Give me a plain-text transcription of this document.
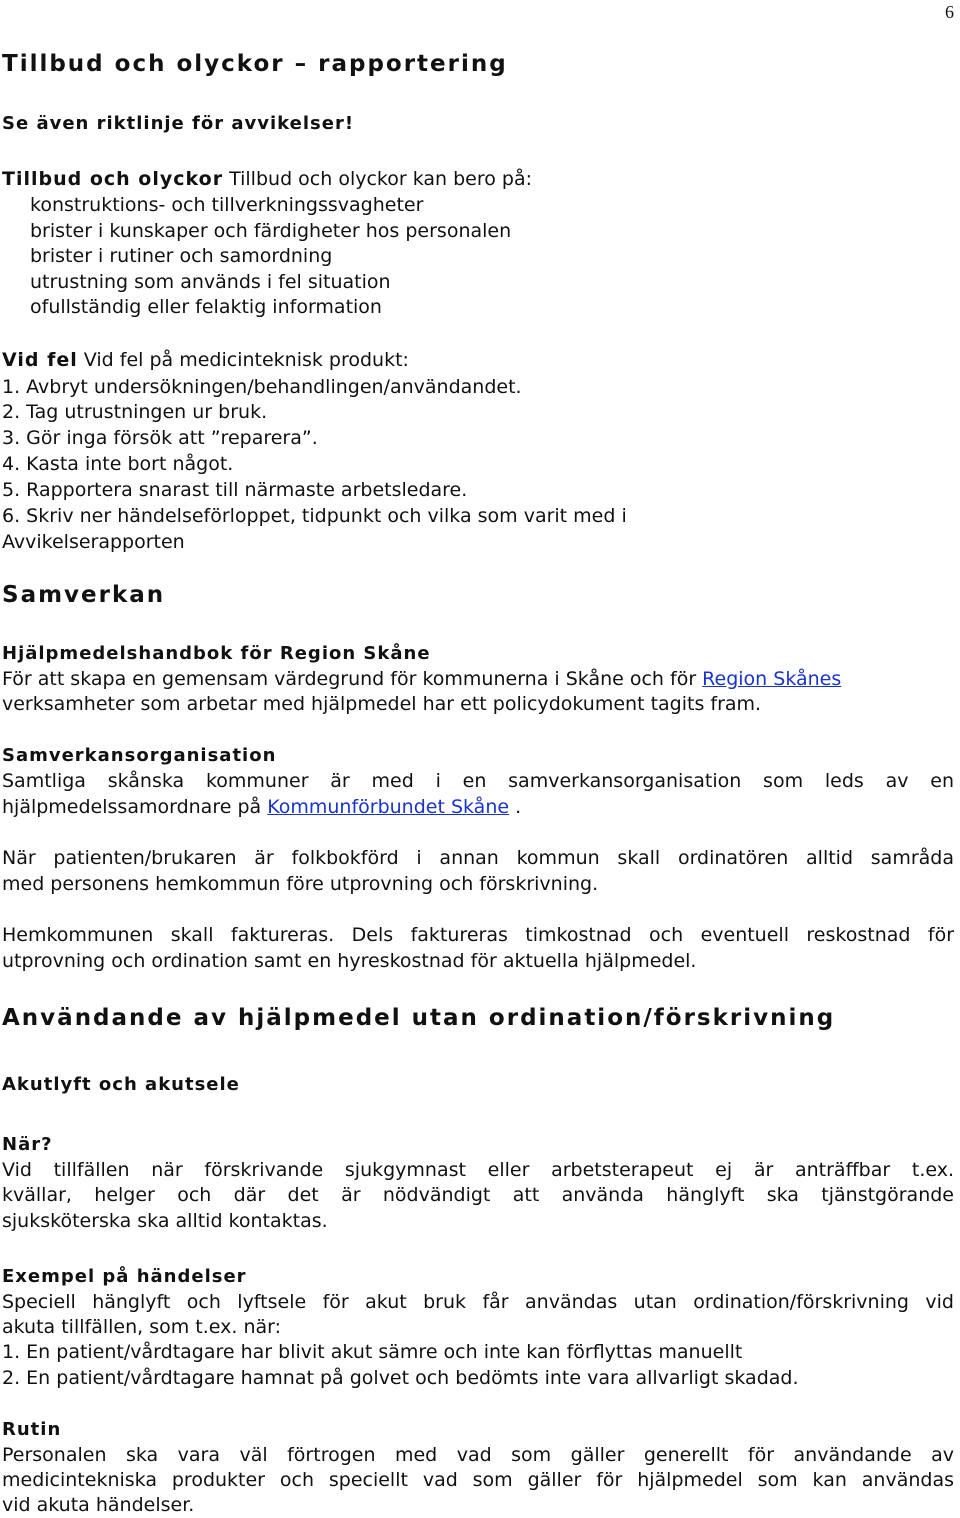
6
Tillbud och olyckor – rapportering
Se även riktlinje för avvikelser!
Tillbud och olyckor Tillbud och olyckor kan bero på:
konstruktions- och tillverkningssvagheter
brister i kunskaper och färdigheter hos personalen
brister i rutiner och samordning
utrustning som används i fel situation
ofullständig eller felaktig information
Vid fel Vid fel på medicinteknisk produkt:
1. Avbryt undersökningen/behandlingen/användandet.
2. Tag utrustningen ur bruk.
3. Gör inga försök att ”reparera”.
4. Kasta inte bort något.
5. Rapportera snarast till närmaste arbetsledare.
6. Skriv ner händelseförloppet, tidpunkt och vilka som varit med i
Avvikelserapporten
Samverkan
Hjälpmedelshandbok för Region Skåne
För att skapa en gemensam värdegrund för kommunerna i Skåne och för Region Skånes
verksamheter som arbetar med hjälpmedel har ett policydokument tagits fram.
Samverkansorganisation
Samtliga skånska kommuner är med i en samverkansorganisation som leds av en
hjälpmedelssamordnare på Kommunförbundet Skåne .
När patienten/brukaren är folkbokförd i annan kommun skall ordinatören alltid samråda
med personens hemkommun före utprovning och förskrivning.
Hemkommunen skall faktureras. Dels faktureras timkostnad och eventuell reskostnad för
utprovning och ordination samt en hyreskostnad för aktuella hjälpmedel.
Användande av hjälpmedel utan ordination/förskrivning
Akutlyft och akutsele
När?
Vid tillfällen när förskrivande sjukgymnast eller arbetsterapeut ej är anträffbar t.ex.
kvällar, helger och där det är nödvändigt att använda hänglyft ska tjänstgörande
sjuksköterska ska alltid kontaktas.
Exempel på händelser
Speciell hänglyft och lyftsele för akut bruk får användas utan ordination/förskrivning vid
akuta tillfällen, som t.ex. när:
1. En patient/vårdtagare har blivit akut sämre och inte kan förflyttas manuellt
2. En patient/vårdtagare hamnat på golvet och bedömts inte vara allvarligt skadad.
Rutin
Personalen ska vara väl förtrogen med vad som gäller generellt för användande av
medicintekniska produkter och speciellt vad som gäller för hjälpmedel som kan användas
vid akuta händelser.
